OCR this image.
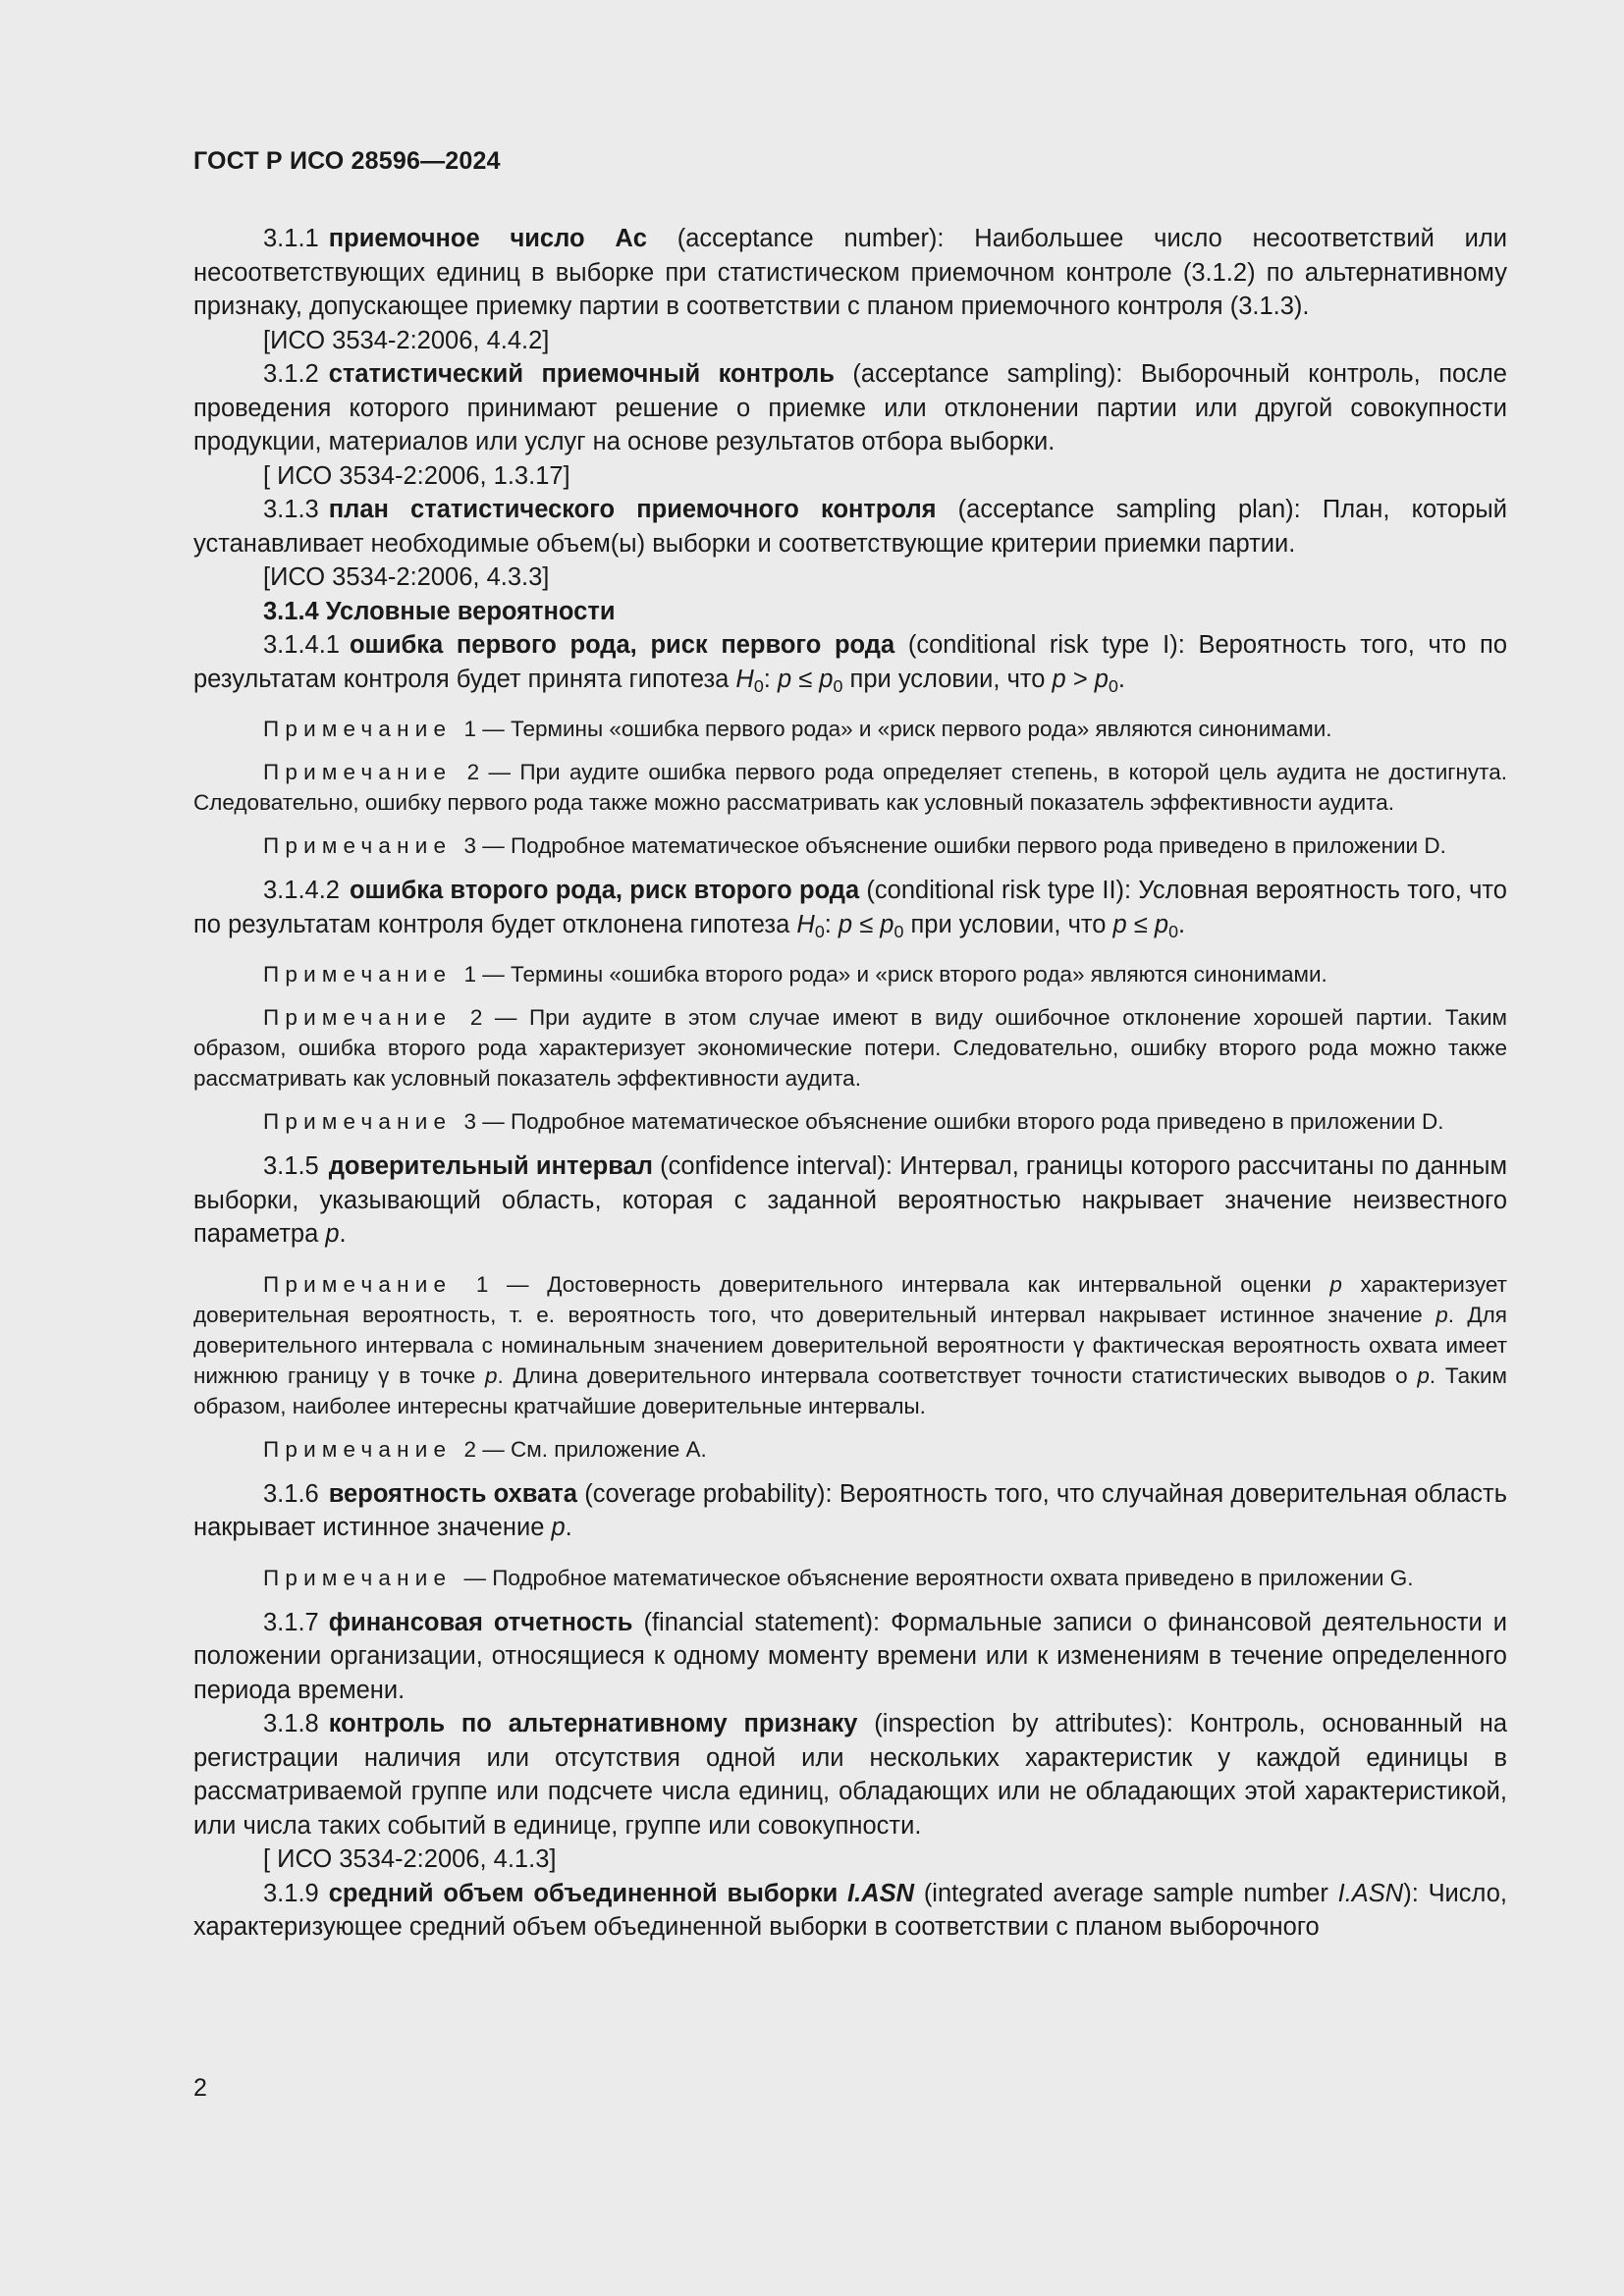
ГОСТ Р ИСО 28596—2024

3.1.1 приемочное число Ac (acceptance number): Наибольшее число несоответствий или несоответствующих единиц в выборке при статистическом приемочном контроле (3.1.2) по альтернативному признаку, допускающее приемку партии в соответствии с планом приемочного контроля (3.1.3).

[ИСО 3534-2:2006, 4.4.2]

3.1.2 статистический приемочный контроль (acceptance sampling): Выборочный контроль, после проведения которого принимают решение о приемке или отклонении партии или другой совокупности продукции, материалов или услуг на основе результатов отбора выборки.

[ ИСО 3534-2:2006, 1.3.17]

3.1.3 план статистического приемочного контроля (acceptance sampling plan): План, который устанавливает необходимые объем(ы) выборки и соответствующие критерии приемки партии.

[ИСО 3534-2:2006, 4.3.3]

3.1.4 Условные вероятности

3.1.4.1 ошибка первого рода, риск первого рода (conditional risk type I): Вероятность того, что по результатам контроля будет принята гипотеза $H_0$: $p \le p_0$ при условии, что $p > p_0$.

Примечание 1 — Термины «ошибка первого рода» и «риск первого рода» являются синонимами.

Примечание 2 — При аудите ошибка первого рода определяет степень, в которой цель аудита не достигнута. Следовательно, ошибку первого рода также можно рассматривать как условный показатель эффективности аудита.

Примечание 3 — Подробное математическое объяснение ошибки первого рода приведено в приложении D.

3.1.4.2 ошибка второго рода, риск второго рода (conditional risk type II): Условная вероятность того, что по результатам контроля будет отклонена гипотеза $H_0$: $p \le p_0$ при условии, что $p \le p_0$.

Примечание 1 — Термины «ошибка второго рода» и «риск второго рода» являются синонимами.

Примечание 2 — При аудите в этом случае имеют в виду ошибочное отклонение хорошей партии. Таким образом, ошибка второго рода характеризует экономические потери. Следовательно, ошибку второго рода можно также рассматривать как условный показатель эффективности аудита.

Примечание 3 — Подробное математическое объяснение ошибки второго рода приведено в приложении D.

3.1.5 доверительный интервал (confidence interval): Интервал, границы которого рассчитаны по данным выборки, указывающий область, которая с заданной вероятностью накрывает значение неизвестного параметра p.

Примечание 1 — Достоверность доверительного интервала как интервальной оценки p характеризует доверительная вероятность, т. е. вероятность того, что доверительный интервал накрывает истинное значение p. Для доверительного интервала с номинальным значением доверительной вероятности γ фактическая вероятность охвата имеет нижнюю границу γ в точке p. Длина доверительного интервала соответствует точности статистических выводов о p. Таким образом, наиболее интересны кратчайшие доверительные интервалы.

Примечание 2 — См. приложение A.

3.1.6 вероятность охвата (coverage probability): Вероятность того, что случайная доверительная область накрывает истинное значение p.

Примечание — Подробное математическое объяснение вероятности охвата приведено в приложении G.

3.1.7 финансовая отчетность (financial statement): Формальные записи о финансовой деятельности и положении организации, относящиеся к одному моменту времени или к изменениям в течение определенного периода времени.

3.1.8 контроль по альтернативному признаку (inspection by attributes): Контроль, основанный на регистрации наличия или отсутствия одной или нескольких характеристик у каждой единицы в рассматриваемой группе или подсчете числа единиц, обладающих или не обладающих этой характеристикой, или числа таких событий в единице, группе или совокупности.

[ ИСО 3534-2:2006, 4.1.3]

3.1.9 средний объем объединенной выборки I.ASN (integrated average sample number I.ASN): Число, характеризующее средний объем объединенной выборки в соответствии с планом выборочного

2
